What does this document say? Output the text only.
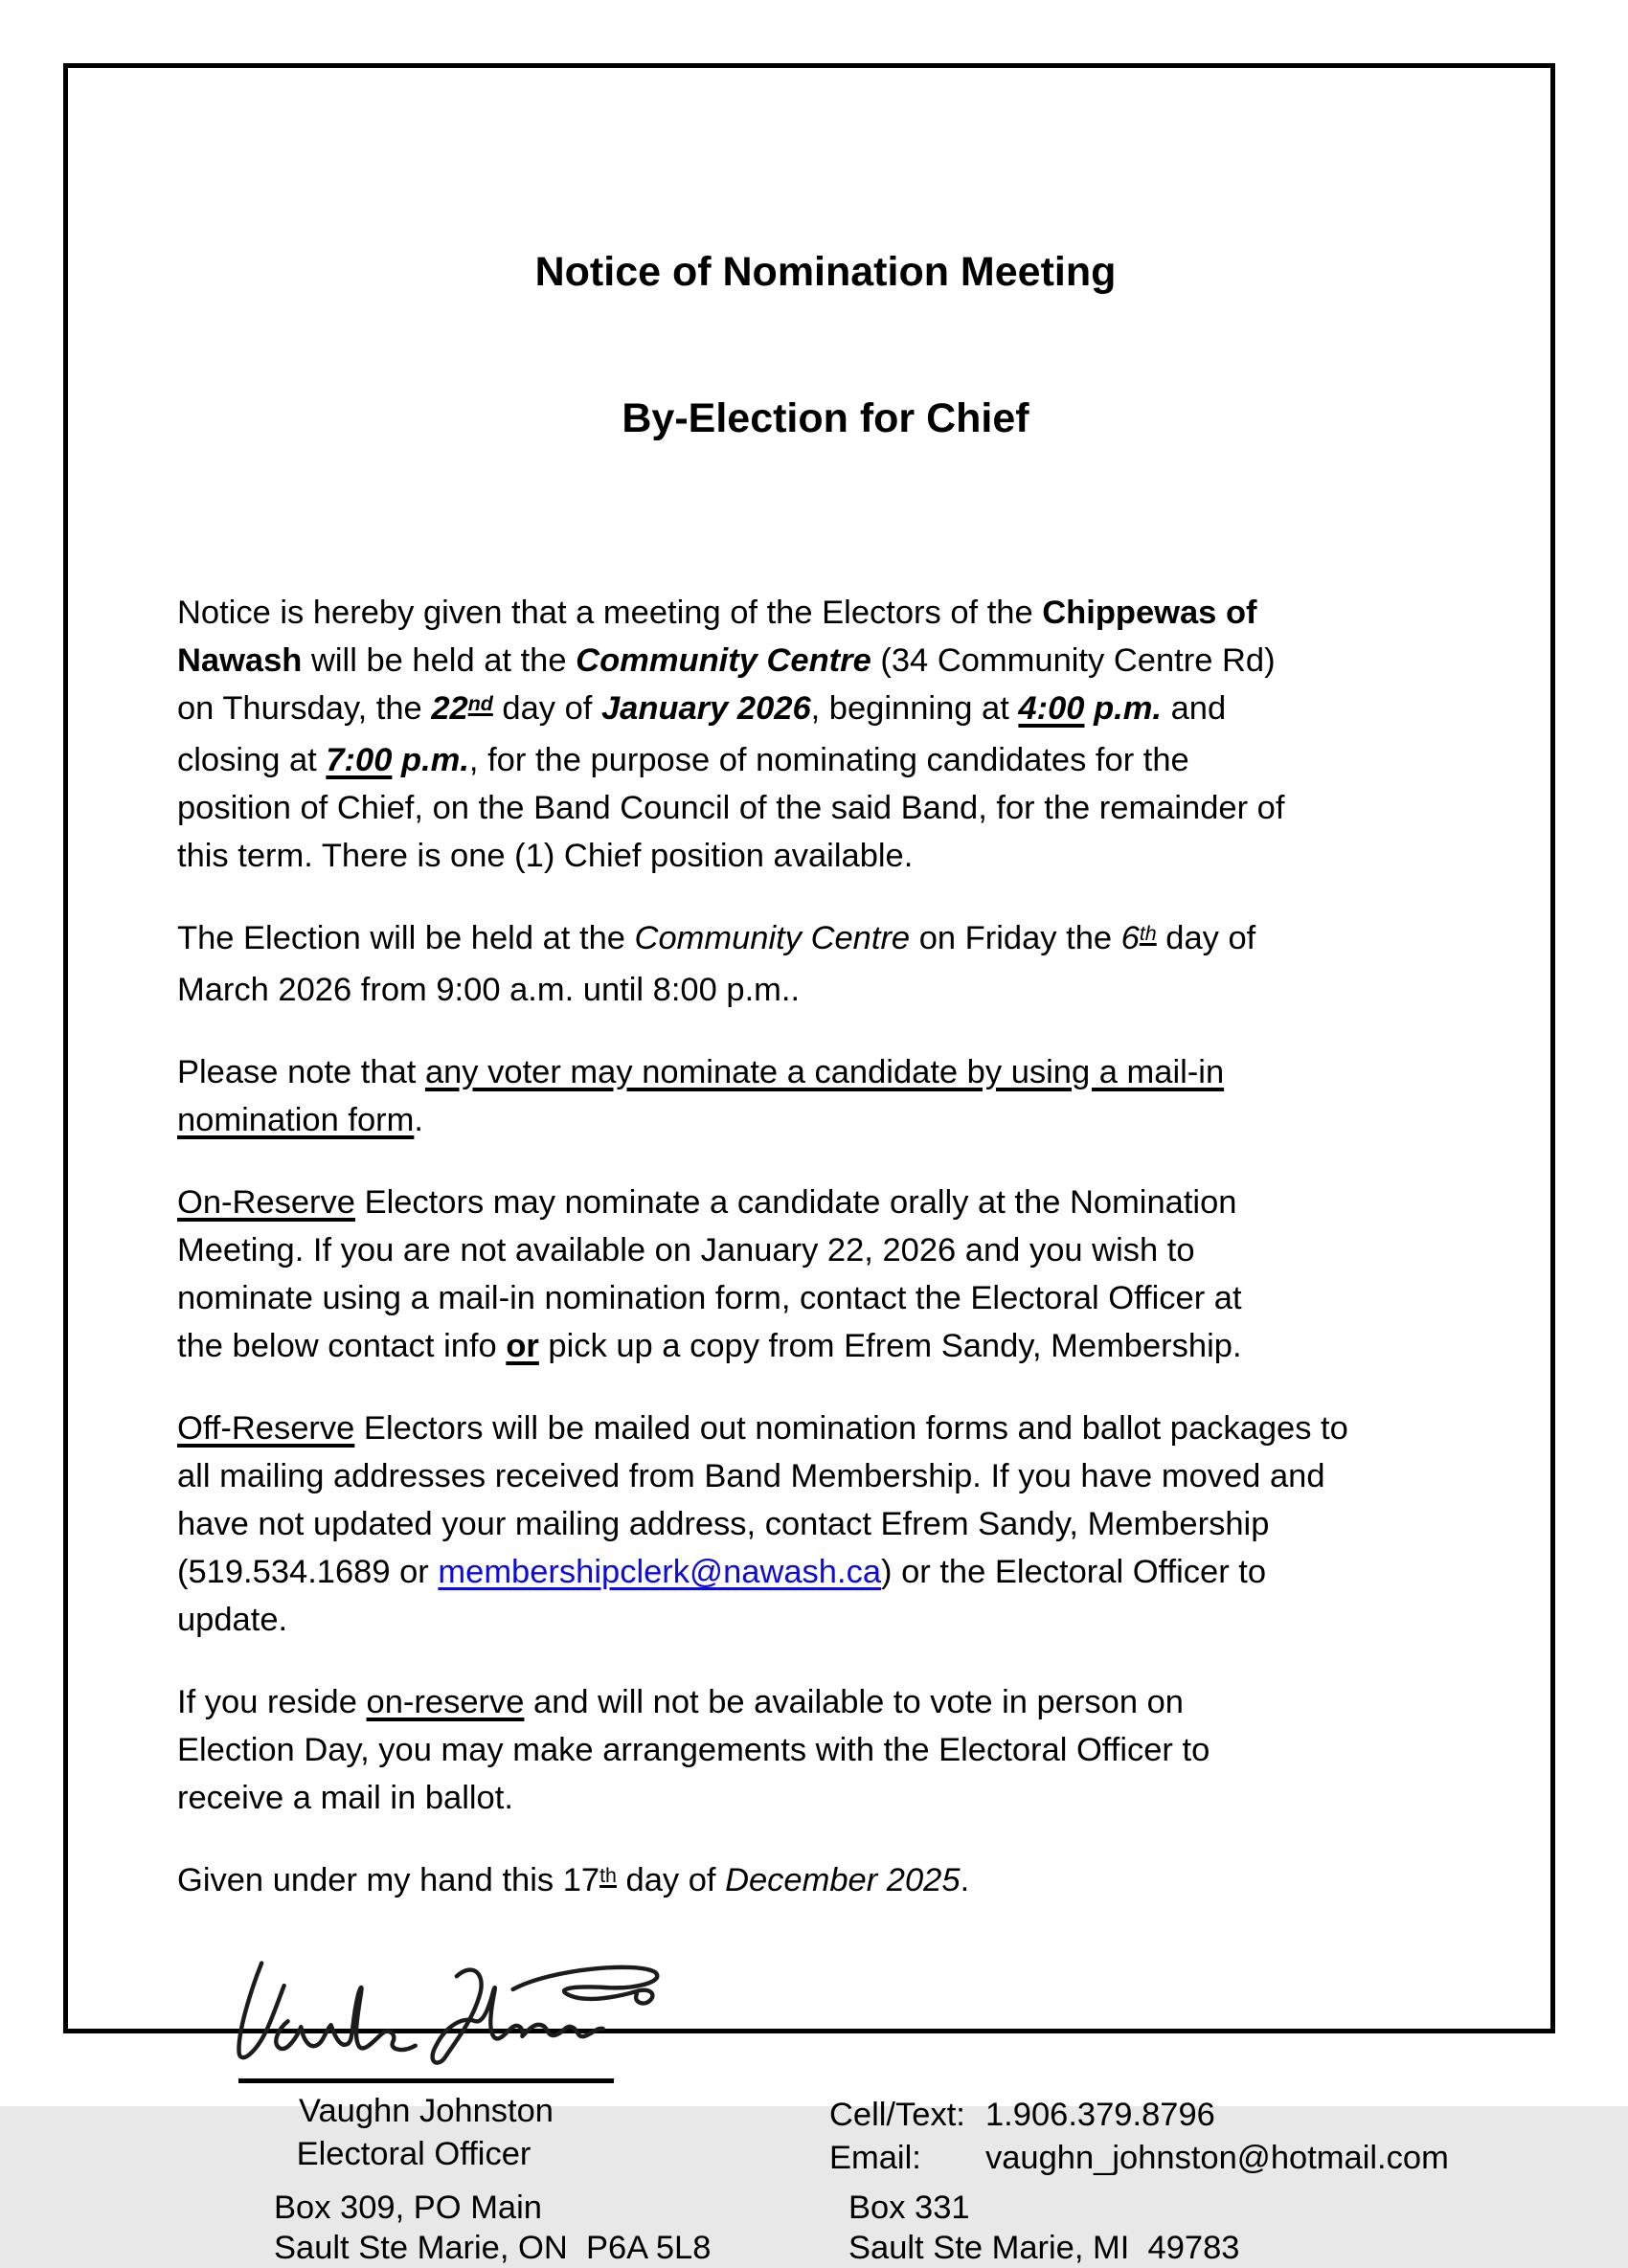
Notice of Nomination Meeting

By-Election for Chief

Notice is hereby given that a meeting of the Electors of the Chippewas of
Nawash will be held at the Community Centre (34 Community Centre Rd)
on Thursday, the 22nd day of January 2026, beginning at 4:00 p.m. and
closing at 7:00 p.m., for the purpose of nominating candidates for the
position of Chief, on the Band Council of the said Band, for the remainder of
this term. There is one (1) Chief position available.
The Election will be held at the Community Centre on Friday the 6th day of
March 2026 from 9:00 a.m. until 8:00 p.m..
Please note that any voter may nominate a candidate by using a mail-in
nomination form.
On-Reserve Electors may nominate a candidate orally at the Nomination
Meeting. If you are not available on January 22, 2026 and you wish to
nominate using a mail-in nomination form, contact the Electoral Officer at
the below contact info or pick up a copy from Efrem Sandy, Membership.
Off-Reserve Electors will be mailed out nomination forms and ballot packages to
all mailing addresses received from Band Membership. If you have moved and
have not updated your mailing address, contact Efrem Sandy, Membership
(519.534.1689 or membershipclerk@nawash.ca) or the Electoral Officer to
update.
If you reside on-reserve and will not be available to vote in person on
Election Day, you may make arrangements with the Electoral Officer to
receive a mail in ballot.
Given under my hand this 17th day of December 2025.
Vaughn Johnston
Electoral Officer
Cell/Text: 1.906.379.8796
Email:	vaughn_johnston@hotmail.com
Box 309, PO Main
Sault Ste Marie, ON  P6A 5L8
Box 331
Sault Ste Marie, MI  49783
